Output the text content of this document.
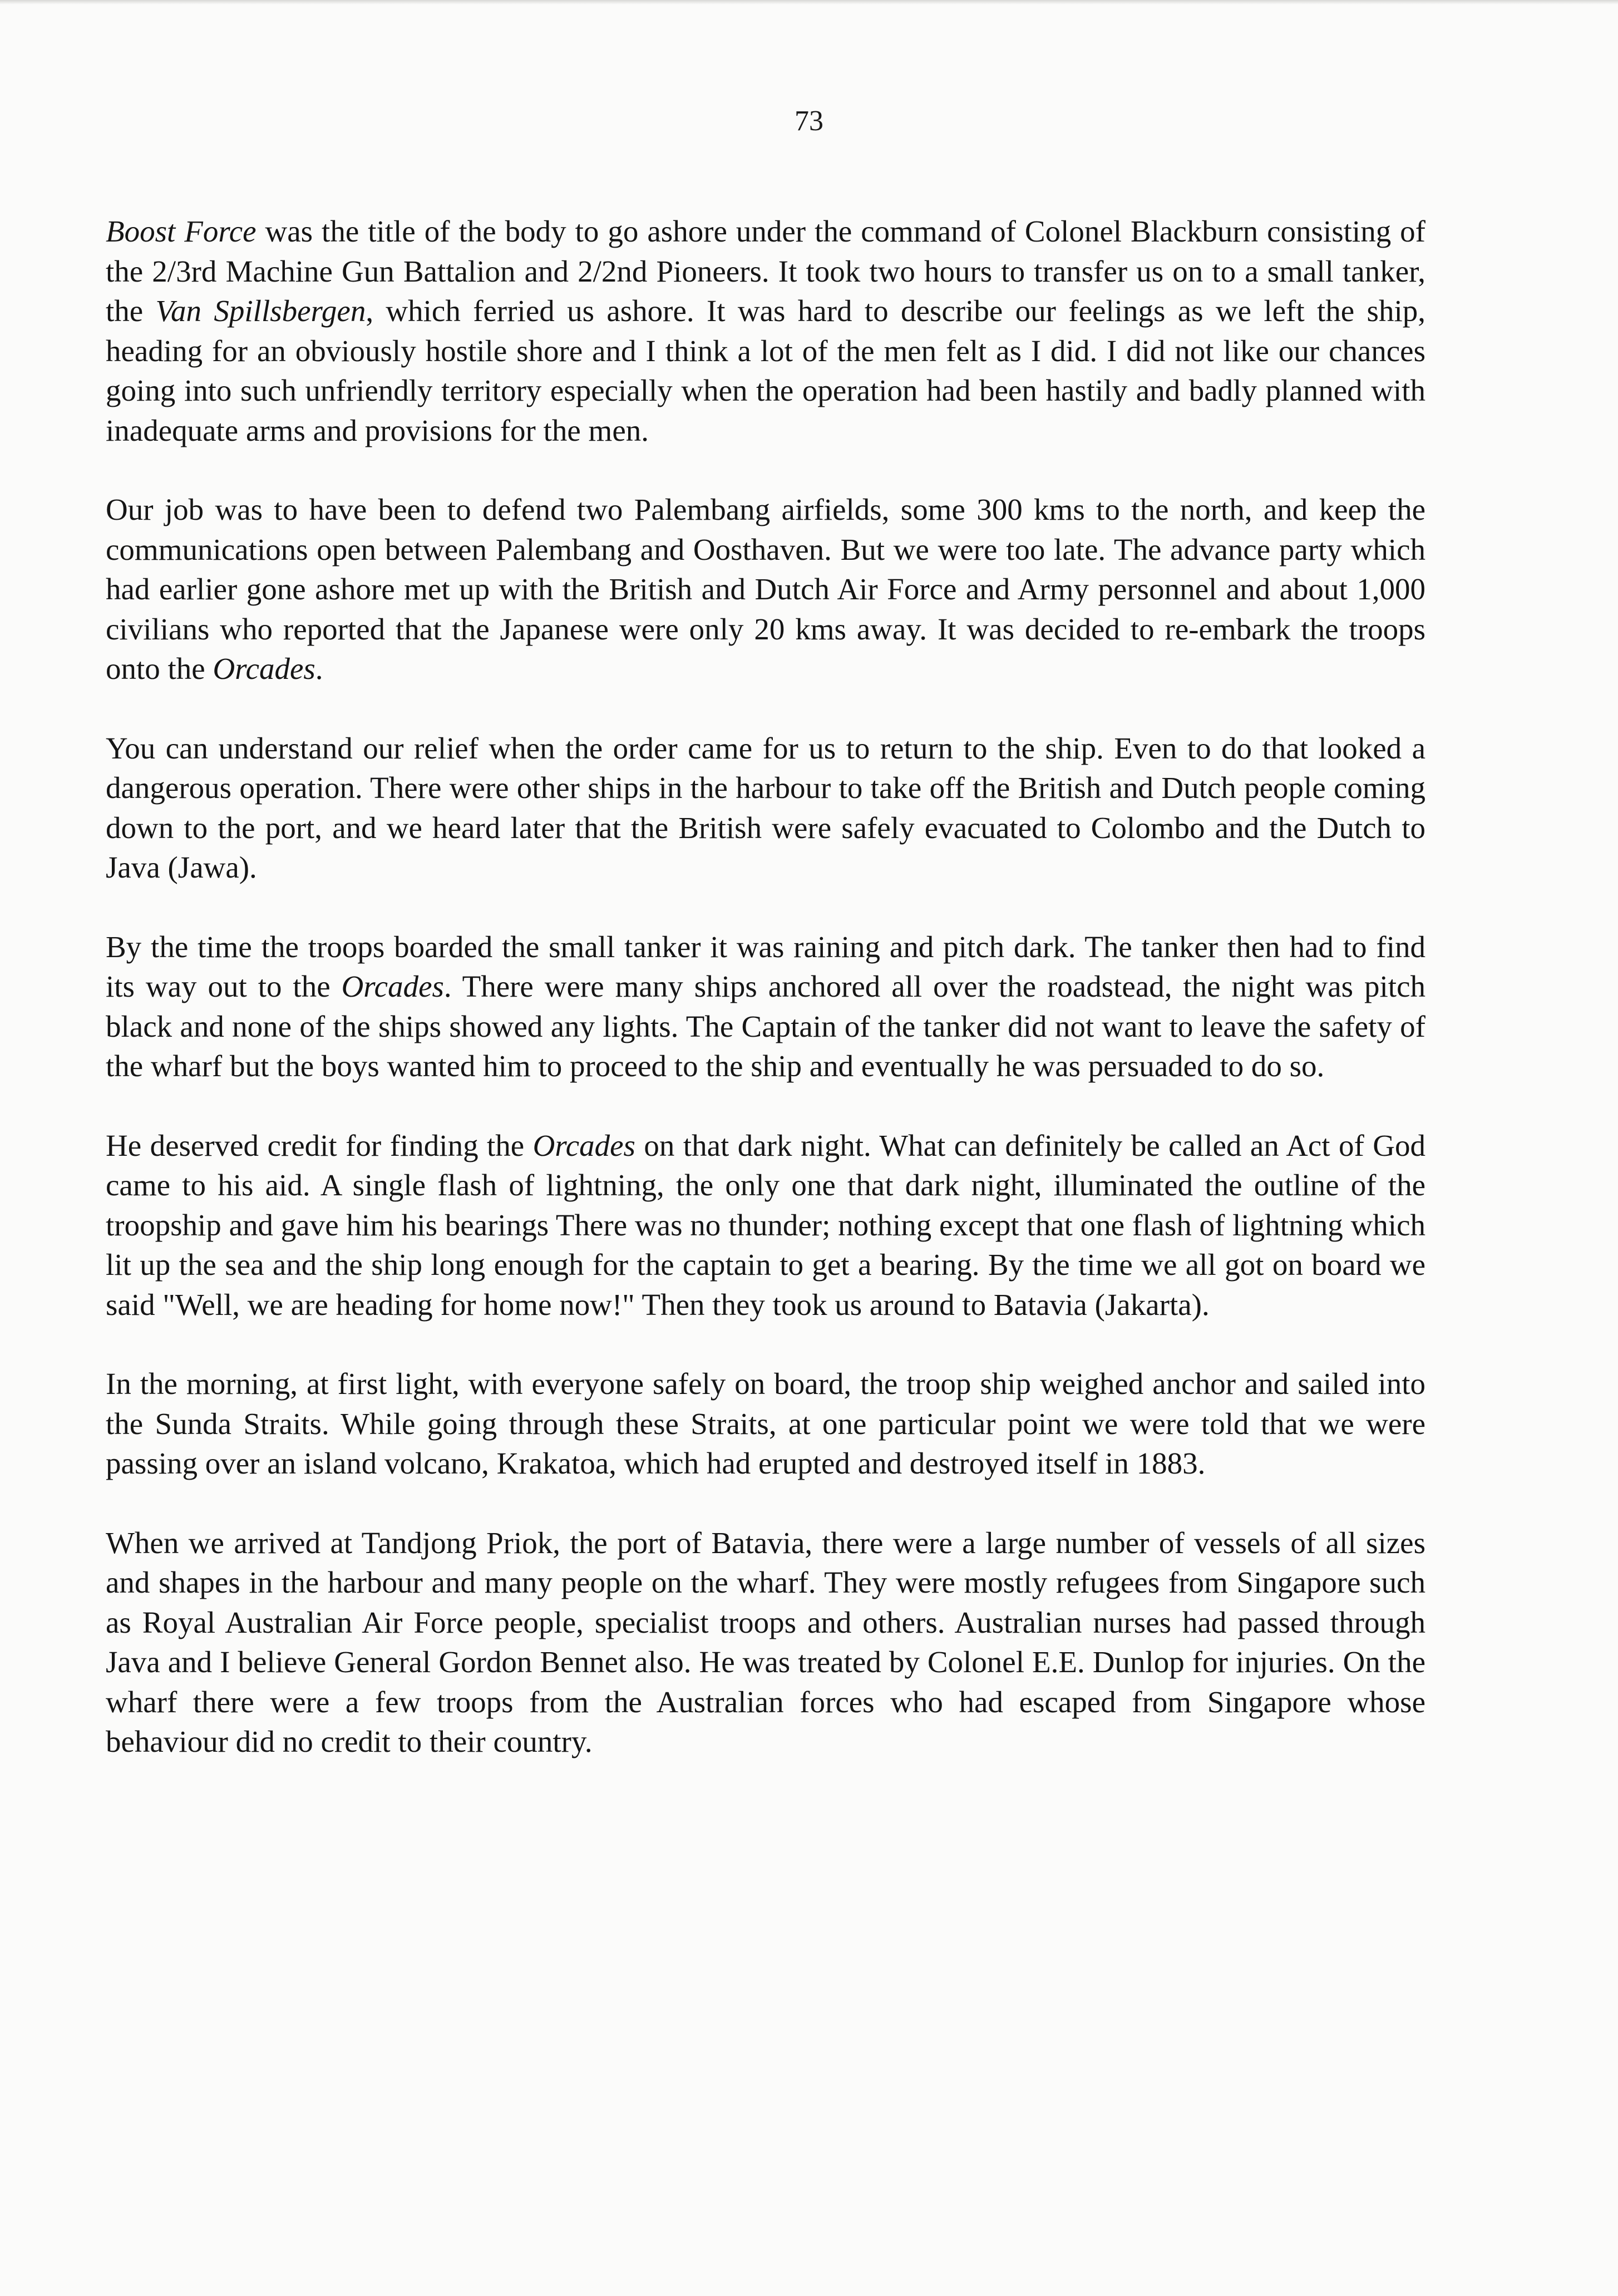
73

Boost Force was the title of the body to go ashore under the command of Colonel Blackburn consisting of the 2/3rd Machine Gun Battalion and 2/2nd Pioneers. It took two hours to transfer us on to a small tanker, the Van Spillsbergen, which ferried us ashore. It was hard to describe our feelings as we left the ship, heading for an obviously hostile shore and I think a lot of the men felt as I did. I did not like our chances going into such unfriendly territory especially when the operation had been hastily and badly planned with inadequate arms and provisions for the men.

Our job was to have been to defend two Palembang airfields, some 300 kms to the north, and keep the communications open between Palembang and Oosthaven. But we were too late. The advance party which had earlier gone ashore met up with the British and Dutch Air Force and Army personnel and about 1,000 civilians who reported that the Japanese were only 20 kms away. It was decided to re-embark the troops onto the Orcades.

You can understand our relief when the order came for us to return to the ship. Even to do that looked a dangerous operation. There were other ships in the harbour to take off the British and Dutch people coming down to the port, and we heard later that the British were safely evacuated to Colombo and the Dutch to Java (Jawa).

By the time the troops boarded the small tanker it was raining and pitch dark. The tanker then had to find its way out to the Orcades. There were many ships anchored all over the roadstead, the night was pitch black and none of the ships showed any lights. The Captain of the tanker did not want to leave the safety of the wharf but the boys wanted him to proceed to the ship and eventually he was persuaded to do so.

He deserved credit for finding the Orcades on that dark night. What can definitely be called an Act of God came to his aid. A single flash of lightning, the only one that dark night, illuminated the outline of the troopship and gave him his bearings There was no thunder; nothing except that one flash of lightning which lit up the sea and the ship long enough for the captain to get a bearing. By the time we all got on board we said "Well, we are heading for home now!" Then they took us around to Batavia (Jakarta).

In the morning, at first light, with everyone safely on board, the troop ship weighed anchor and sailed into the Sunda Straits. While going through these Straits, at one particular point we were told that we were passing over an island volcano, Krakatoa, which had erupted and destroyed itself in 1883.

When we arrived at Tandjong Priok, the port of Batavia, there were a large number of vessels of all sizes and shapes in the harbour and many people on the wharf. They were mostly refugees from Singapore such as Royal Australian Air Force people, specialist troops and others. Australian nurses had passed through Java and I believe General Gordon Bennet also. He was treated by Colonel E.E. Dunlop for injuries. On the wharf there were a few troops from the Australian forces who had escaped from Singapore whose behaviour did no credit to their country.
